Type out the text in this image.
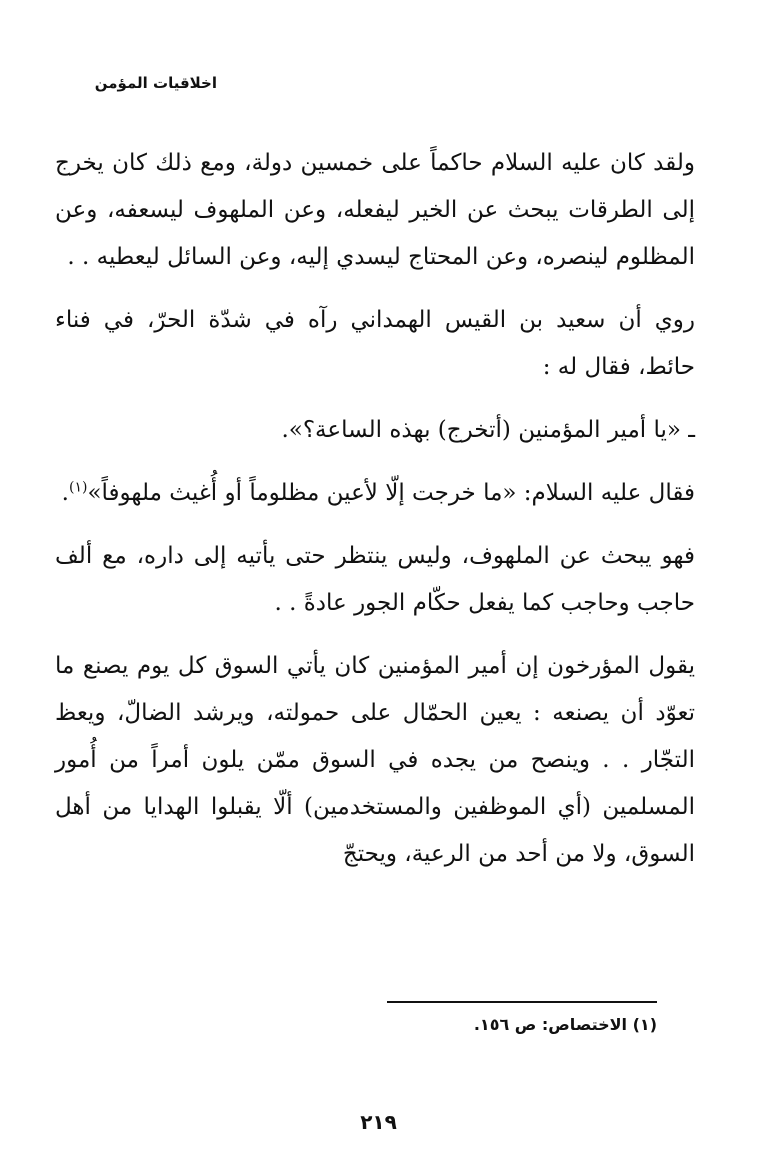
اخلاقيات المؤمن

ولقد كان عليه السلام حاكماً على خمسين دولة، ومع ذلك كان يخرج إلى الطرقات يبحث عن الخير ليفعله، وعن الملهوف ليسعفه، وعن المظلوم لينصره، وعن المحتاج ليسدي إليه، وعن السائل ليعطيه . .

روي أن سعيد بن القيس الهمداني رآه في شدّة الحرّ، في فناء حائط، فقال له :

ـ «يا أمير المؤمنين (أتخرج) بهذه الساعة؟».

فقال عليه السلام: «ما خرجت إلّا لأعين مظلوماً أو أُغيث ملهوفاً»$^{(١)}$.

فهو يبحث عن الملهوف، وليس ينتظر حتى يأتيه إلى داره، مع ألف حاجب وحاجب كما يفعل حكّام الجور عادةً . .

يقول المؤرخون إن أمير المؤمنين كان يأتي السوق كل يوم يصنع ما تعوّد أن يصنعه : يعين الحمّال على حمولته، ويرشد الضالّ، ويعظ التجّار . . وينصح من يجده في السوق ممّن يلون أمراً من أُمور المسلمين (أي الموظفين والمستخدمين) ألّا يقبلوا الهدايا من أهل السوق، ولا من أحد من الرعية، ويحتجّ

(١) الاختصاص: ص ١٥٦.
٢١٩
